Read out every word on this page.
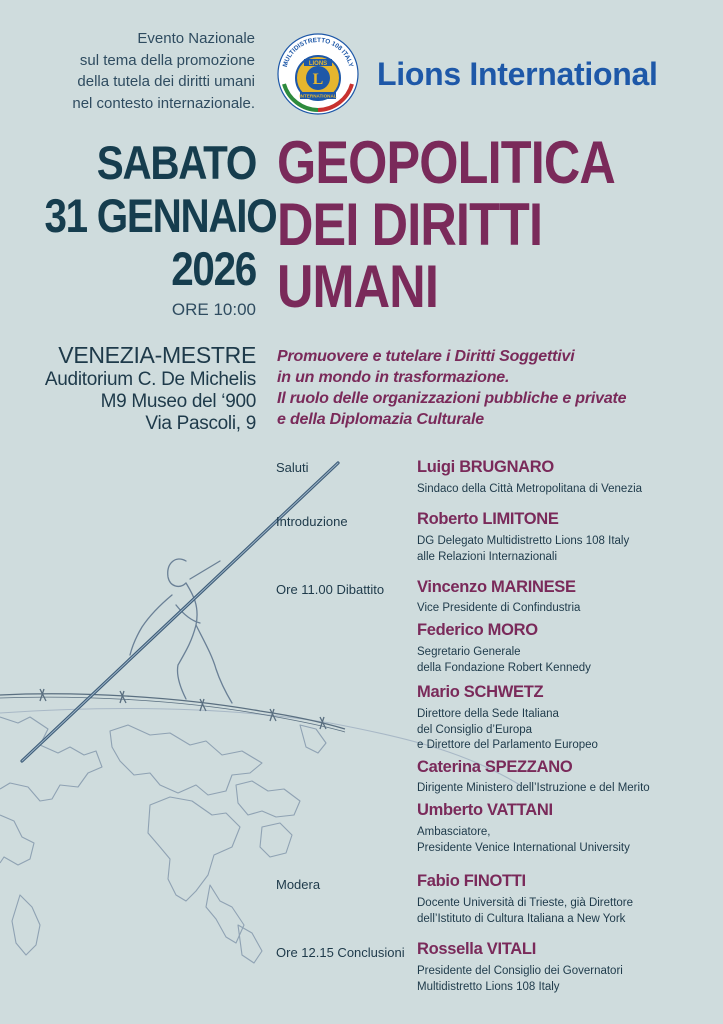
Evento Nazionale
sul tema della promozione
della tutela dei diritti umani
nel contesto internazionale.
MULTIDISTRETTO 108 ITALY
L
LIONS
INTERNATIONAL
Lions International
SABATO
31 GENNAIO
2026
ORE 10:00
GEOPOLITICA
DEI DIRITTI
UMANI
VENEZIA-MESTRE
Auditorium C. De Michelis
M9 Museo del ‘900
Via Pascoli, 9
Promuovere e tutelare i Diritti Soggettivi
in un mondo in trasformazione.
Il ruolo delle organizzazioni pubbliche e private
e della Diplomazia Culturale
Saluti
Introduzione
Ore 11.00 Dibattito
Modera
Ore 12.15 Conclusioni
Luigi BRUGNARO
Sindaco della Città Metropolitana di Venezia
Roberto LIMITONE
DG Delegato Multidistretto Lions 108 Italy
alle Relazioni Internazionali
Vincenzo MARINESE
Vice Presidente di Confindustria
Federico MORO
Segretario Generale
della Fondazione Robert Kennedy
Mario SCHWETZ
Direttore della Sede Italiana
del Consiglio d’Europa
e Direttore del Parlamento Europeo
Caterina SPEZZANO
Dirigente Ministero dell’Istruzione e del Merito
Umberto VATTANI
Ambasciatore,
Presidente Venice International University
Fabio FINOTTI
Docente Università di Trieste, già Direttore
dell’Istituto di Cultura Italiana a New York
Rossella VITALI
Presidente del Consiglio dei Governatori
Multidistretto Lions 108 Italy
